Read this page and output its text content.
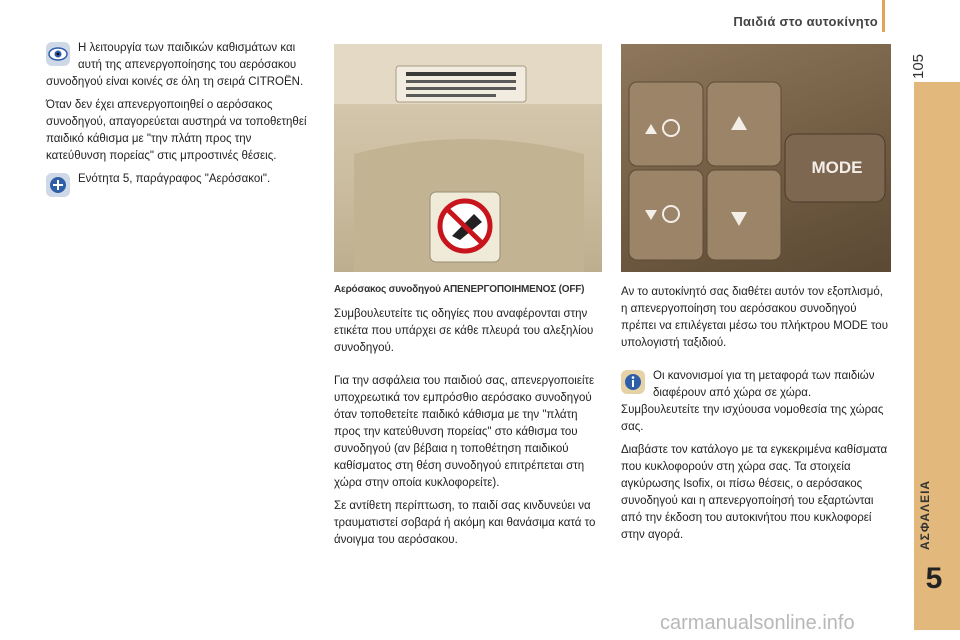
Παιδιά στο αυτοκίνητο
105
ΑΣΦΑΛΕΙΑ
5

Η λειτουργία των παιδικών καθισμάτων και αυτή της απενεργοποίησης του αερόσακου συνοδηγού είναι κοινές σε όλη τη σειρά CITROËN.

Όταν δεν έχει απενεργοποιηθεί ο αερόσακος συνοδηγού, απαγορεύεται αυστηρά να τοποθετηθεί παιδικό κάθισμα με "την πλάτη προς την κατεύθυνση πορείας" στις μπροστινές θέσεις.

Ενότητα 5, παράγραφος "Αερόσακοι".

Αερόσακος συνοδηγού ΑΠΕΝΕΡΓΟΠΟΙΗΜΕΝΟΣ (OFF)

Συμβουλευτείτε τις οδηγίες που αναφέρονται στην ετικέτα που υπάρχει σε κάθε πλευρά του αλεξηλίου συνοδηγού.

Για την ασφάλεια του παιδιού σας, απενεργοποιείτε υποχρεωτικά τον εμπρόσθιο αερόσακο συνοδηγού όταν τοποθετείτε παιδικό κάθισμα με την "πλάτη προς την κατεύθυνση πορείας" στο κάθισμα του συνοδηγού (αν βέβαια η τοποθέτηση παιδικού καθίσματος στη θέση συνοδηγού επιτρέπεται στη χώρα στην οποία κυκλοφορείτε).

Σε αντίθετη περίπτωση, το παιδί σας κινδυνεύει να τραυματιστεί σοβαρά ή ακόμη και θανάσιμα κατά το άνοιγμα του αερόσακου.

MODE

Αν το αυτοκίνητό σας διαθέτει αυτόν τον εξοπλισμό, η απενεργοποίηση του αερόσακου συνοδηγού πρέπει να επιλέγεται μέσω του πλήκτρου MODE του υπολογιστή ταξιδιού.

Οι κανονισμοί για τη μεταφορά των παιδιών διαφέρουν από χώρα σε χώρα. Συμβουλευτείτε την ισχύουσα νομοθεσία της χώρας σας.

Διαβάστε τον κατάλογο με τα εγκεκριμένα καθίσματα που κυκλοφορούν στη χώρα σας. Τα στοιχεία αγκύρωσης Isofix, οι πίσω θέσεις, ο αερόσακος συνοδηγού και η απενεργοποίησή του εξαρτώνται από την έκδοση του αυτοκινήτου που κυκλοφορεί στην αγορά.

carmanualsonline.info
